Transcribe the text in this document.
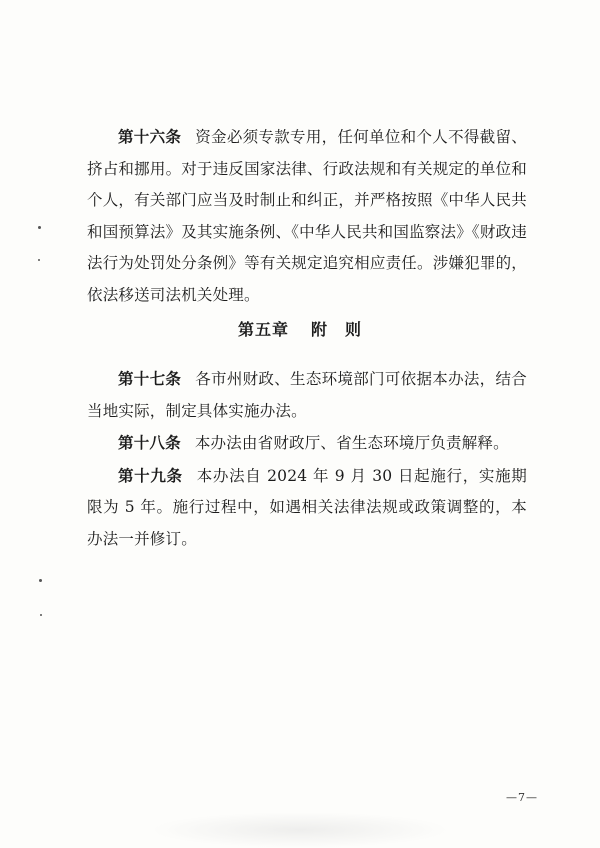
第十六条 资金必须专款专用，任何单位和个人不得截留、挤占和挪用。对于违反国家法律、行政法规和有关规定的单位和个人，有关部门应当及时制止和纠正，并严格按照《中华人民共和国预算法》及其实施条例、《中华人民共和国监察法》《财政违法行为处罚处分条例》等有关规定追究相应责任。涉嫌犯罪的，依法移送司法机关处理。

第五章 附　则

第十七条 各市州财政、生态环境部门可依据本办法，结合当地实际，制定具体实施办法。

第十八条 本办法由省财政厅、省生态环境厅负责解释。

第十九条 本办法自 2024 年 9 月 30 日起施行，实施期限为 5 年。施行过程中，如遇相关法律法规或政策调整的，本办法一并修订。

—7—
